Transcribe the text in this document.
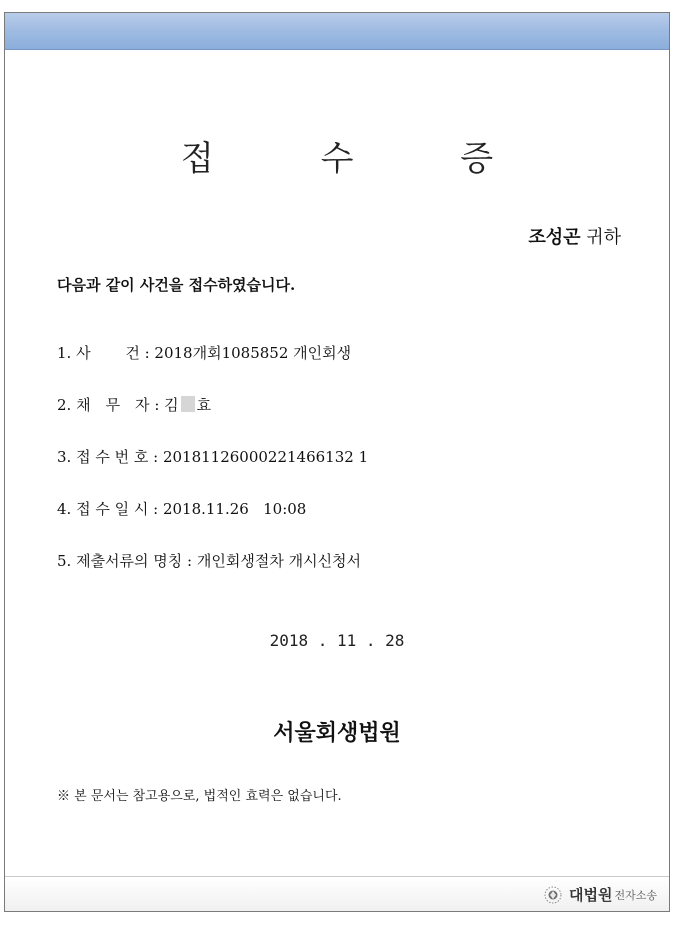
접 수 증
조성곤 귀하
다음과 같이 사건을 접수하였습니다.
1. 사　　 건 : 2018개회1085852 개인회생
2. 채　무　자 : 김 효
3. 접 수 번 호 : 20181126000221466132 1
4. 접 수 일 시 : 2018.11.26   10:08
5. 제출서류의 명칭 : 개인회생절차 개시신청서
2018 . 11 . 28
서울회생법원
※ 본 문서는 참고용으로, 법적인 효력은 없습니다.
대법원 전자소송
